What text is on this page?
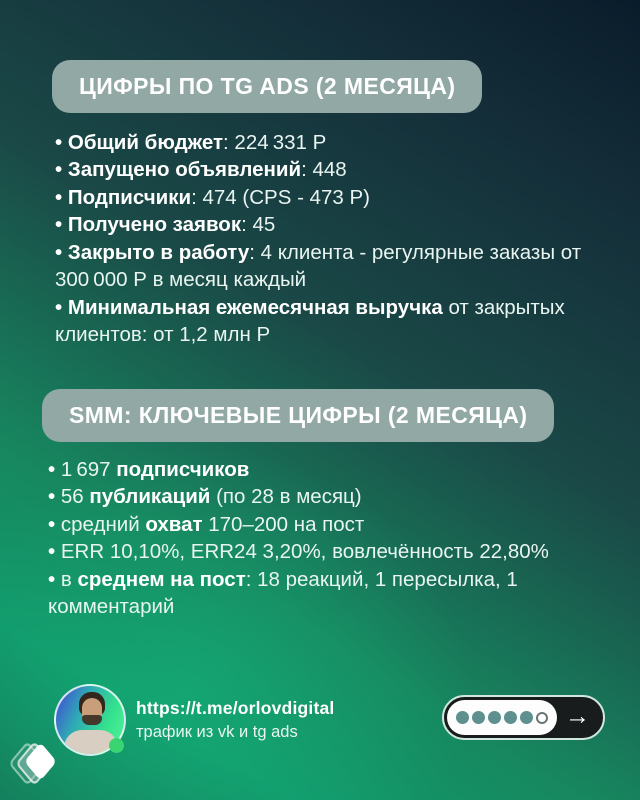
ЦИФРЫ ПО TG ADS (2 МЕСЯЦА)

• Общий бюджет: 224 331 Р

• Запущено объявлений: 448

• Подписчики: 474 (CPS - 473 Р)

• Получено заявок: 45

• Закрыто в работу: 4 клиента - регулярные заказы от 300 000 Р в месяц каждый

• Минимальная ежемесячная выручка от закрытых клиентов: от 1,2 млн Р

SMM: КЛЮЧЕВЫЕ ЦИФРЫ (2 МЕСЯЦА)

• 1 697 подписчиков

• 56 публикаций (по 28 в месяц)

• средний охват 170–200 на пост

• ERR 10,10%, ERR24 3,20%, вовлечённость 22,80%

• в среднем на пост: 18 реакций, 1 пересылка, 1 комментарий

https://t.me/orlovdigital
трафик из vk и tg ads
→
